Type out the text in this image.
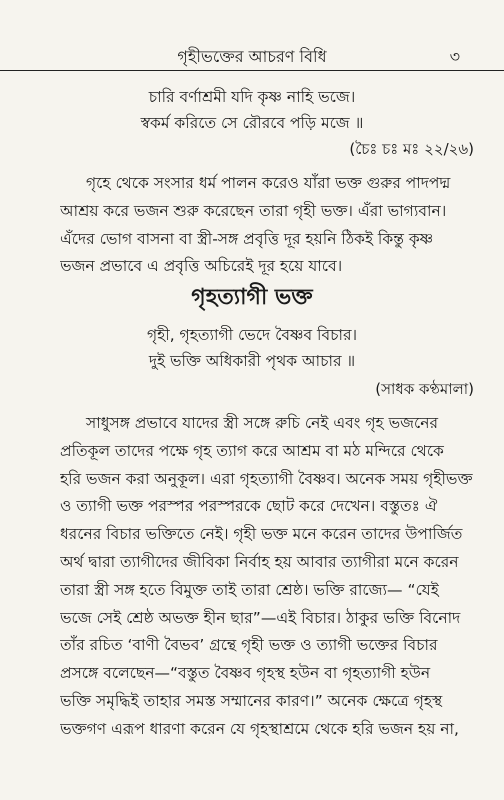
গৃহীভক্তের আচরণ বিধি	৩
চারি বর্ণাশ্রমী যদি কৃষ্ণ নাহি ভজে।
স্বকর্ম করিতে সে রৌরবে পড়ি মজে ॥
(চৈঃ চঃ মঃ ২২/২৬)
গৃহে থেকে সংসার ধর্ম পালন করেও যাঁরা ভক্ত গুরুর পাদপদ্ম
আশ্রয় করে ভজন শুরু করেছেন তারা গৃহী ভক্ত। এঁরা ভাগ্যবান।
এঁদের ভোগ বাসনা বা স্ত্রী-সঙ্গ প্রবৃত্তি দূর হয়নি ঠিকই কিন্তু কৃষ্ণ
ভজন প্রভাবে এ প্রবৃত্তি অচিরেই দূর হয়ে যাবে।
গৃহত্যাগী ভক্ত
গৃহী, গৃহত্যাগী ভেদে বৈষ্ণব বিচার।
দুই ভক্তি অধিকারী পৃথক আচার ॥
(সাধক কণ্ঠমালা)
সাধুসঙ্গ প্রভাবে যাদের স্ত্রী সঙ্গে রুচি নেই এবং গৃহ ভজনের
প্রতিকূল তাদের পক্ষে গৃহ ত্যাগ করে আশ্রম বা মঠ মন্দিরে থেকে
হরি ভজন করা অনুকূল। এরা গৃহত্যাগী বৈষ্ণব। অনেক সময় গৃহীভক্ত
ও ত্যাগী ভক্ত পরস্পর পরস্পরকে ছোট করে দেখেন। বস্তুতঃ ঐ
ধরনের বিচার ভক্তিতে নেই। গৃহী ভক্ত মনে করেন তাদের উপার্জিত
অর্থ দ্বারা ত্যাগীদের জীবিকা নির্বাহ হয় আবার ত্যাগীরা মনে করেন
তারা স্ত্রী সঙ্গ হতে বিমুক্ত তাই তারা শ্রেষ্ঠ। ভক্তি রাজ্যে— “যেই
ভজে সেই শ্রেষ্ঠ অভক্ত হীন ছার”—এই বিচার। ঠাকুর ভক্তি বিনোদ
তাঁর রচিত ‘বাণী বৈভব’ গ্রন্থে গৃহী ভক্ত ও ত্যাগী ভক্তের বিচার
প্রসঙ্গে বলেছেন—“বস্তুত বৈষ্ণব গৃহস্থ হউন বা গৃহত্যাগী হউন
ভক্তি সমৃদ্ধিই তাহার সমস্ত সম্মানের কারণ।” অনেক ক্ষেত্রে গৃহস্থ
ভক্তগণ এরূপ ধারণা করেন যে গৃহস্থাশ্রমে থেকে হরি ভজন হয় না,
